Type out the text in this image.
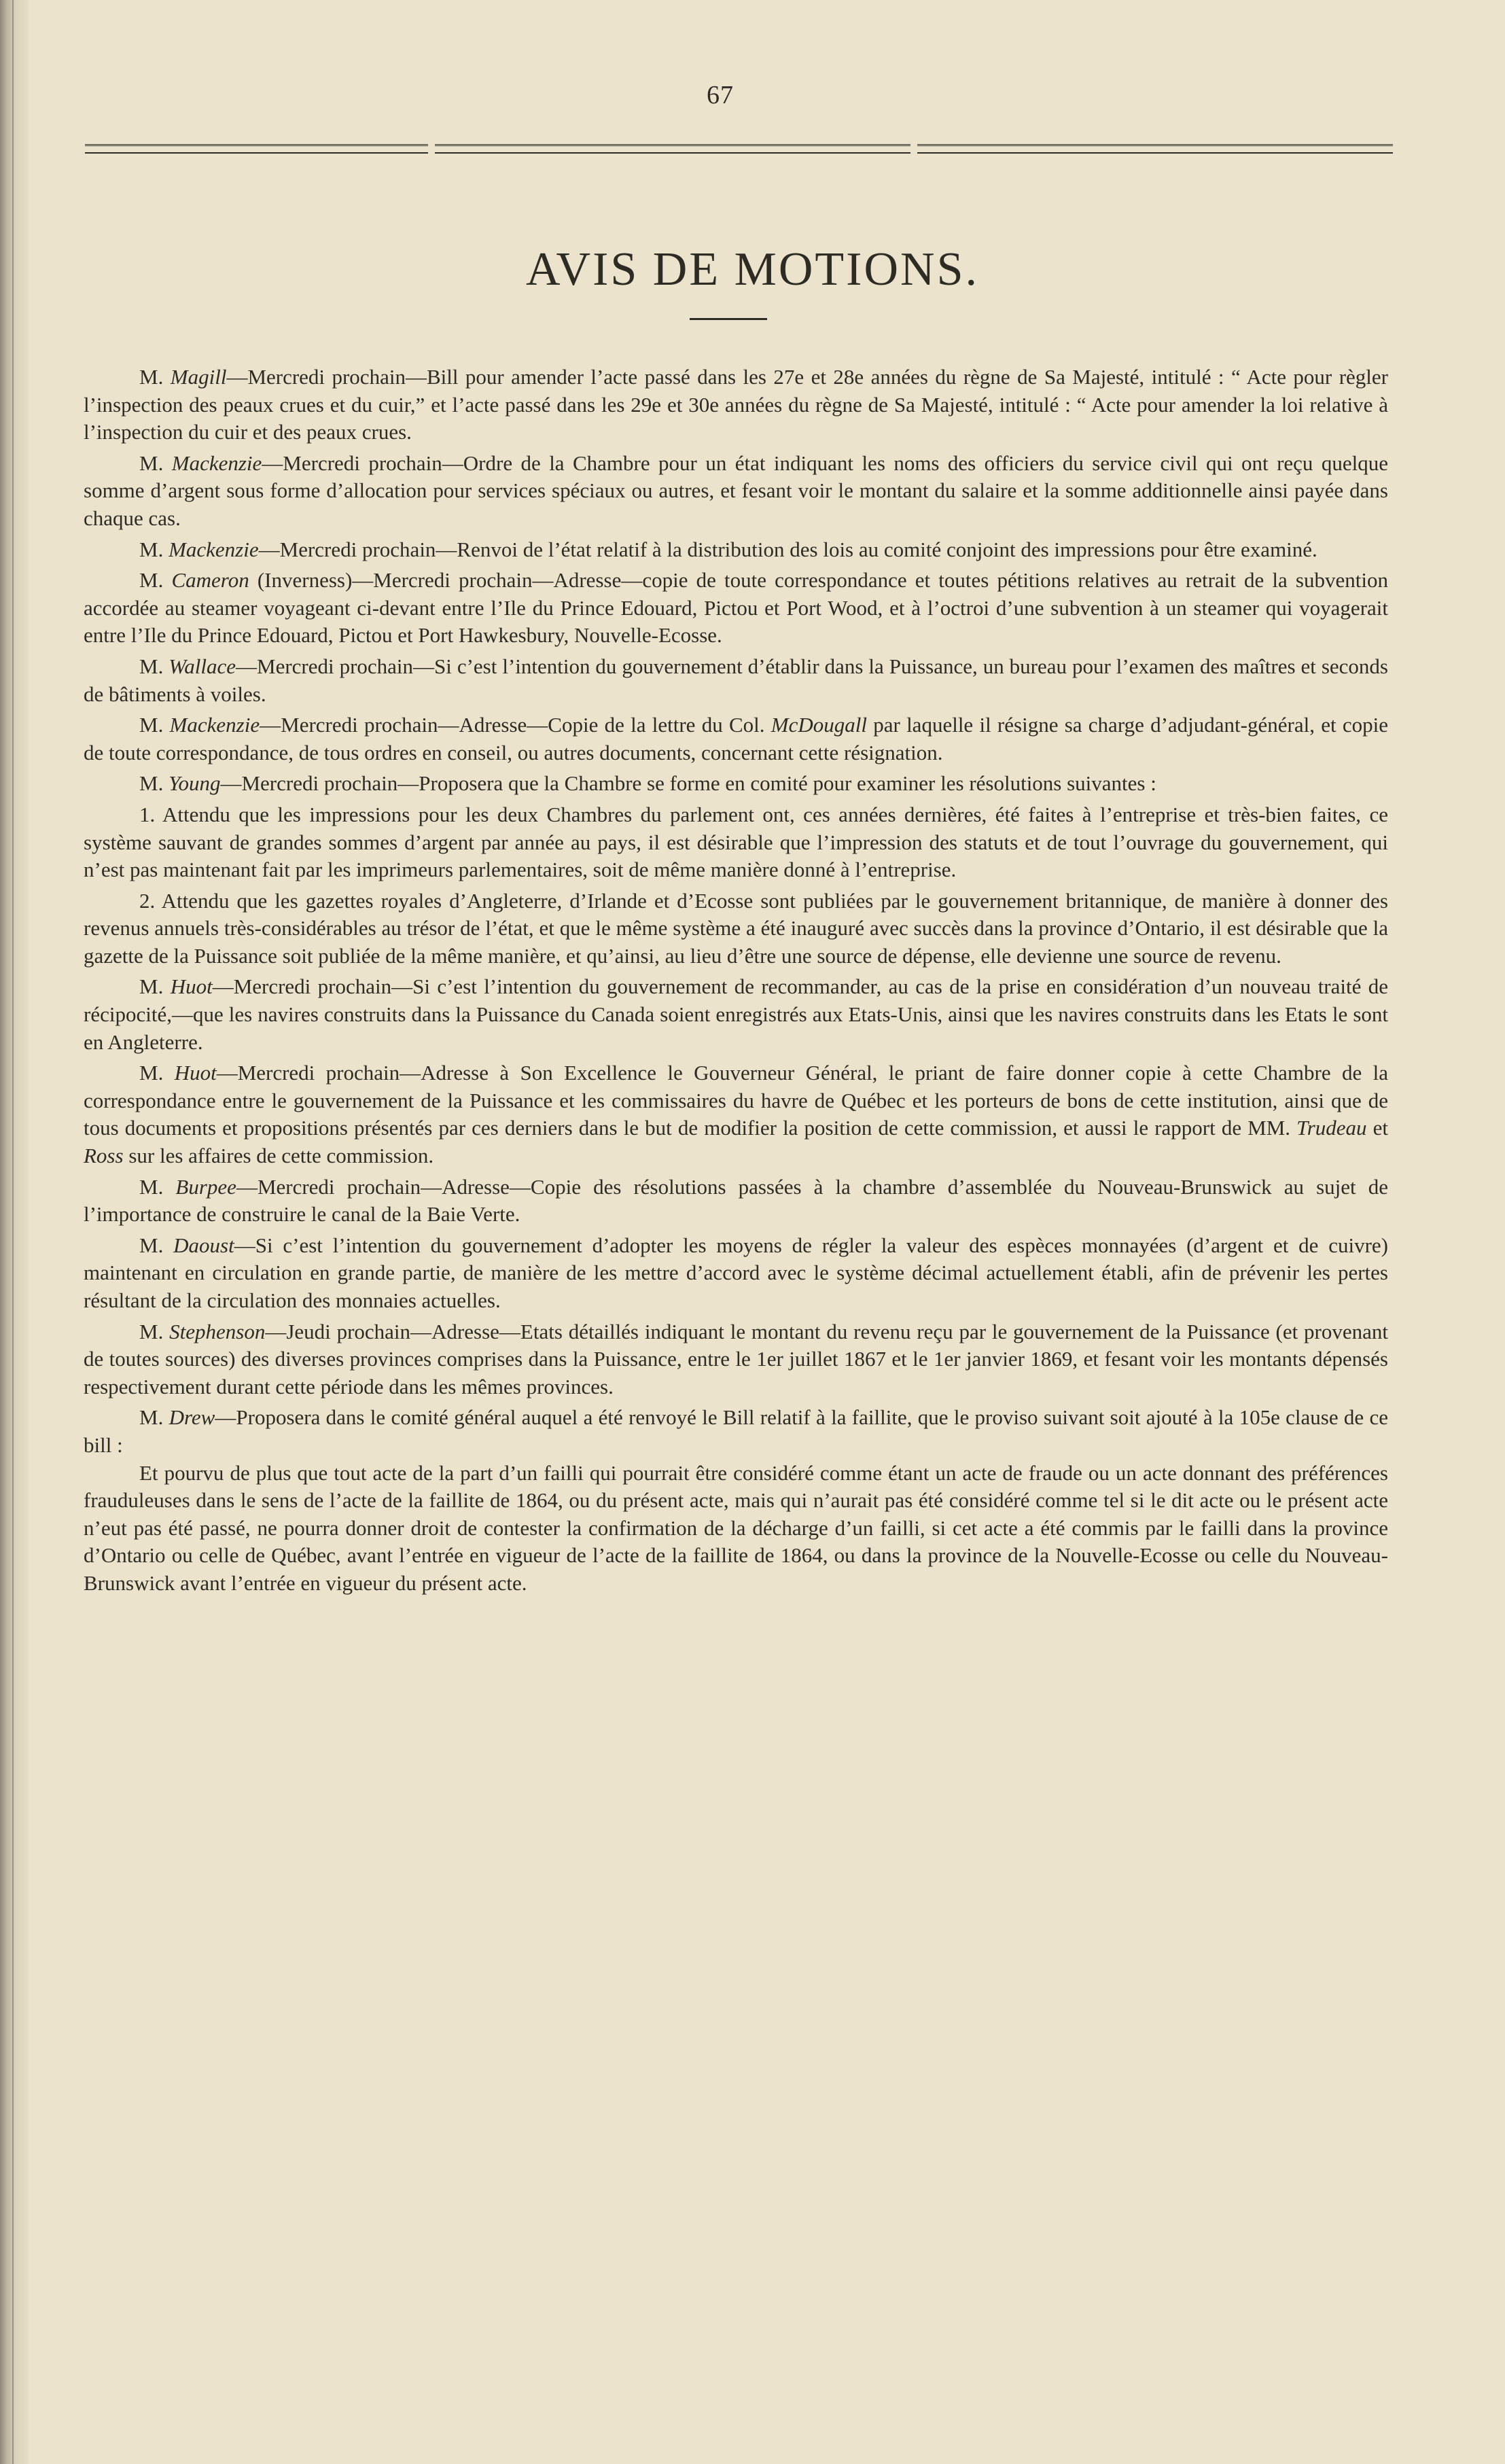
67
AVIS DE MOTIONS.

M. Magill—Mercredi prochain—Bill pour amender l’acte passé dans les 27e et 28e années du règne de Sa Majesté, intitulé : “ Acte pour règler l’inspection des peaux crues et du cuir,” et l’acte passé dans les 29e et 30e années du règne de Sa Majesté, intitulé : “ Acte pour amender la loi relative à l’inspection du cuir et des peaux crues.

M. Mackenzie—Mercredi prochain—Ordre de la Chambre pour un état indiquant les noms des officiers du service civil qui ont reçu quelque somme d’argent sous forme d’allocation pour services spéciaux ou autres, et fesant voir le montant du salaire et la somme additionnelle ainsi payée dans chaque cas.

M. Mackenzie—Mercredi prochain—Renvoi de l’état relatif à la distribution des lois au comité conjoint des impressions pour être examiné.

M. Cameron (Inverness)—Mercredi prochain—Adresse—copie de toute correspondance et toutes pétitions relatives au retrait de la subvention accordée au steamer voyageant ci-devant entre l’Ile du Prince Edouard, Pictou et Port Wood, et à l’octroi d’une subvention à un steamer qui voyagerait entre l’Ile du Prince Edouard, Pictou et Port Hawkesbury, Nouvelle-Ecosse.

M. Wallace—Mercredi prochain—Si c’est l’intention du gouvernement d’établir dans la Puissance, un bureau pour l’examen des maîtres et seconds de bâtiments à voiles.

M. Mackenzie—Mercredi prochain—Adresse—Copie de la lettre du Col. McDougall par laquelle il résigne sa charge d’adjudant-général, et copie de toute correspondance, de tous ordres en conseil, ou autres documents, concernant cette résignation.

M. Young—Mercredi prochain—Proposera que la Chambre se forme en comité pour examiner les résolutions suivantes :

1. Attendu que les impressions pour les deux Chambres du parlement ont, ces années dernières, été faites à l’entreprise et très-bien faites, ce système sauvant de grandes sommes d’argent par année au pays, il est désirable que l’impression des statuts et de tout l’ouvrage du gouvernement, qui n’est pas maintenant fait par les imprimeurs parlementaires, soit de même manière donné à l’entreprise.

2. Attendu que les gazettes royales d’Angleterre, d’Irlande et d’Ecosse sont publiées par le gouvernement britannique, de manière à donner des revenus annuels très-considérables au trésor de l’état, et que le même système a été inauguré avec succès dans la province d’Ontario, il est désirable que la gazette de la Puissance soit publiée de la même manière, et qu’ainsi, au lieu d’être une source de dépense, elle devienne une source de revenu.

M. Huot—Mercredi prochain—Si c’est l’intention du gouvernement de recommander, au cas de la prise en considération d’un nouveau traité de récipocité,—que les navires construits dans la Puissance du Canada soient enregistrés aux Etats-Unis, ainsi que les navires construits dans les Etats le sont en Angleterre.

M. Huot—Mercredi prochain—Adresse à Son Excellence le Gouverneur Général, le priant de faire donner copie à cette Chambre de la correspondance entre le gouvernement de la Puissance et les commissaires du havre de Québec et les porteurs de bons de cette institution, ainsi que de tous documents et propositions présentés par ces derniers dans le but de modifier la position de cette commission, et aussi le rapport de MM. Trudeau et Ross sur les affaires de cette commission.

M. Burpee—Mercredi prochain—Adresse—Copie des résolutions passées à la chambre d’assemblée du Nouveau-Brunswick au sujet de l’importance de construire le canal de la Baie Verte.

M. Daoust—Si c’est l’intention du gouvernement d’adopter les moyens de régler la valeur des espèces monnayées (d’argent et de cuivre) maintenant en circulation en grande partie, de manière de les mettre d’accord avec le système décimal actuellement établi, afin de prévenir les pertes résultant de la circulation des monnaies actuelles.

M. Stephenson—Jeudi prochain—Adresse—Etats détaillés indiquant le montant du revenu reçu par le gouvernement de la Puissance (et provenant de toutes sources) des diverses provinces comprises dans la Puissance, entre le 1er juillet 1867 et le 1er janvier 1869, et fesant voir les montants dépensés respectivement durant cette période dans les mêmes provinces.

M. Drew—Proposera dans le comité général auquel a été renvoyé le Bill relatif à la faillite, que le proviso suivant soit ajouté à la 105e clause de ce bill :

Et pourvu de plus que tout acte de la part d’un failli qui pourrait être considéré comme étant un acte de fraude ou un acte donnant des préférences frauduleuses dans le sens de l’acte de la faillite de 1864, ou du présent acte, mais qui n’aurait pas été considéré comme tel si le dit acte ou le présent acte n’eut pas été passé, ne pourra donner droit de contester la confirmation de la décharge d’un failli, si cet acte a été commis par le failli dans la province d’Ontario ou celle de Québec, avant l’entrée en vigueur de l’acte de la faillite de 1864, ou dans la province de la Nouvelle-Ecosse ou celle du Nouveau-Brunswick avant l’entrée en vigueur du présent acte.
